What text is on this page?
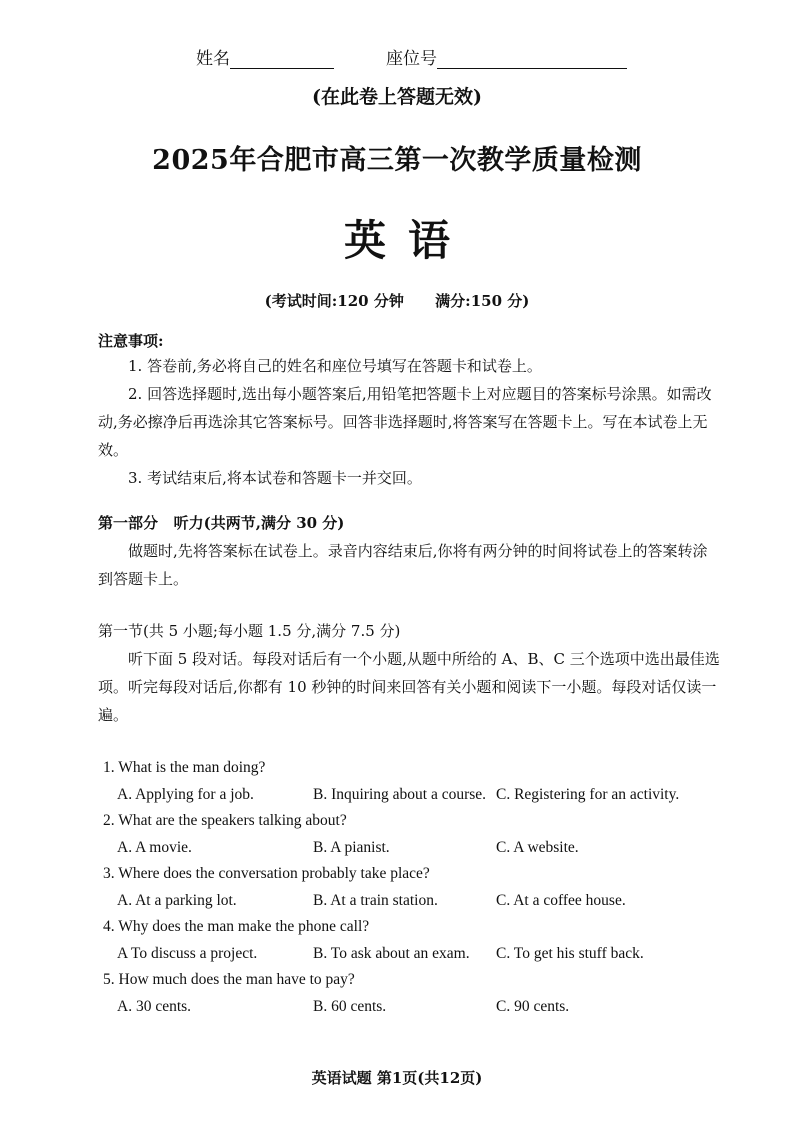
姓名	座位号
(在此卷上答题无效)
2025年合肥市高三第一次教学质量检测
英语
(考试时间:120 分钟      满分:150 分)
注意事项:

1. 答卷前,务必将自己的姓名和座位号填写在答题卡和试卷上。

2. 回答选择题时,选出每小题答案后,用铅笔把答题卡上对应题目的答案标号涂黑。如需改动,务必擦净后再选涂其它答案标号。回答非选择题时,将答案写在答题卡上。写在本试卷上无效。

3. 考试结束后,将本试卷和答题卡一并交回。

第一部分   听力(共两节,满分 30 分)
做题时,先将答案标在试卷上。录音内容结束后,你将有两分钟的时间将试卷上的答案转涂到答题卡上。
第一节(共 5 小题;每小题 1.5 分,满分 7.5 分)
听下面 5 段对话。每段对话后有一个小题,从题中所给的 A、B、C 三个选项中选出最佳选项。听完每段对话后,你都有 10 秒钟的时间来回答有关小题和阅读下一小题。每段对话仅读一遍。
1. What is the man doing?
A. Applying for a job.	B. Inquiring about a course. C. Registering for an activity.
2. What are the speakers talking about?
A. A movie.	B. A pianist.	C. A website.
3. Where does the conversation probably take place?
A. At a parking lot.	B. At a train station.	C. At a coffee house.
4. Why does the man make the phone call?
A To discuss a project.	B. To ask about an exam. C. To get his stuff back.
5. How much does the man have to pay?
A. 30 cents.	B. 60 cents.	C. 90 cents.
英语试题 第1页(共12页)
